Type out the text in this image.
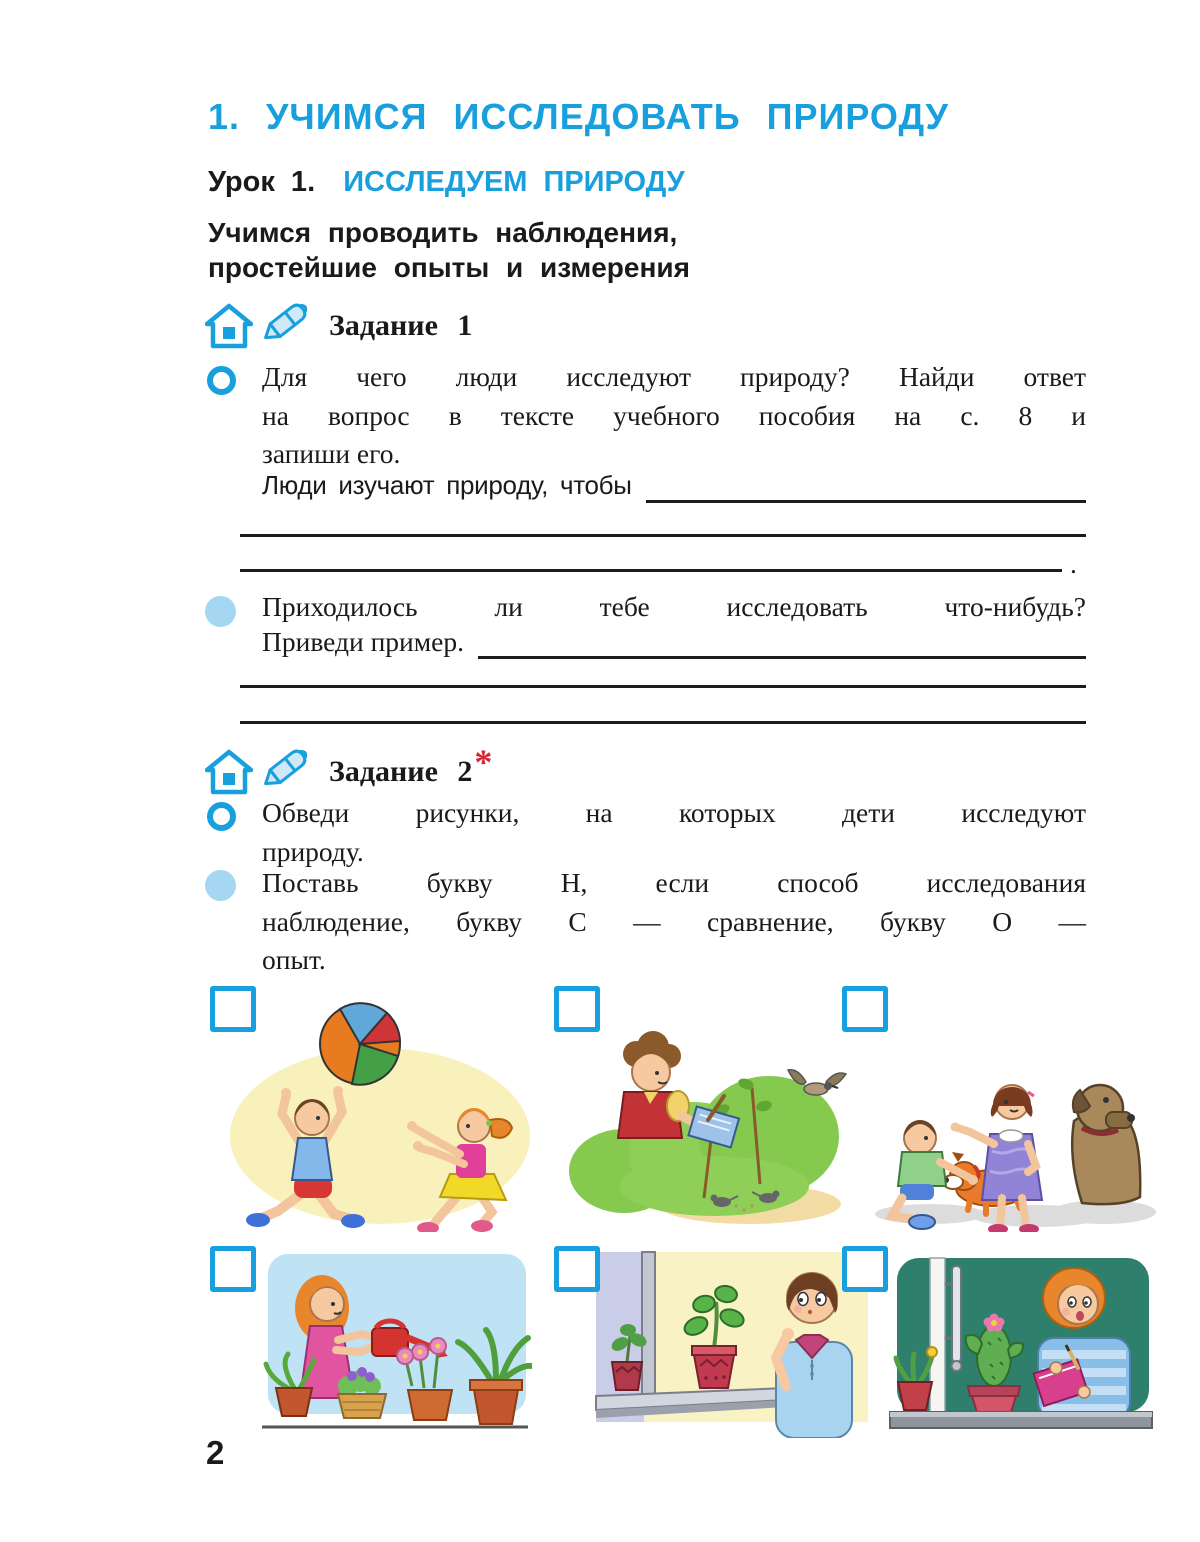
1. УЧИМСЯ ИССЛЕДОВАТЬ ПРИРОДУ
Урок 1. ИССЛЕДУЕМ ПРИРОДУ
Учимся проводить наблюдения,
простейшие опыты и измерения
Задание 1
Для чего люди исследуют природу? Найди ответ
на вопрос в тексте учебного пособия на с. 8 и
запиши его.
Люди изучают природу, чтобы
.
Приходилось ли тебе исследовать что-нибудь?
Приведи пример.
Задание 2 *
Обведи рисунки, на которых дети исследуют
природу.
Поставь букву Н, если способ исследования
наблюдение, букву С — сравнение, букву О —
опыт.
2
